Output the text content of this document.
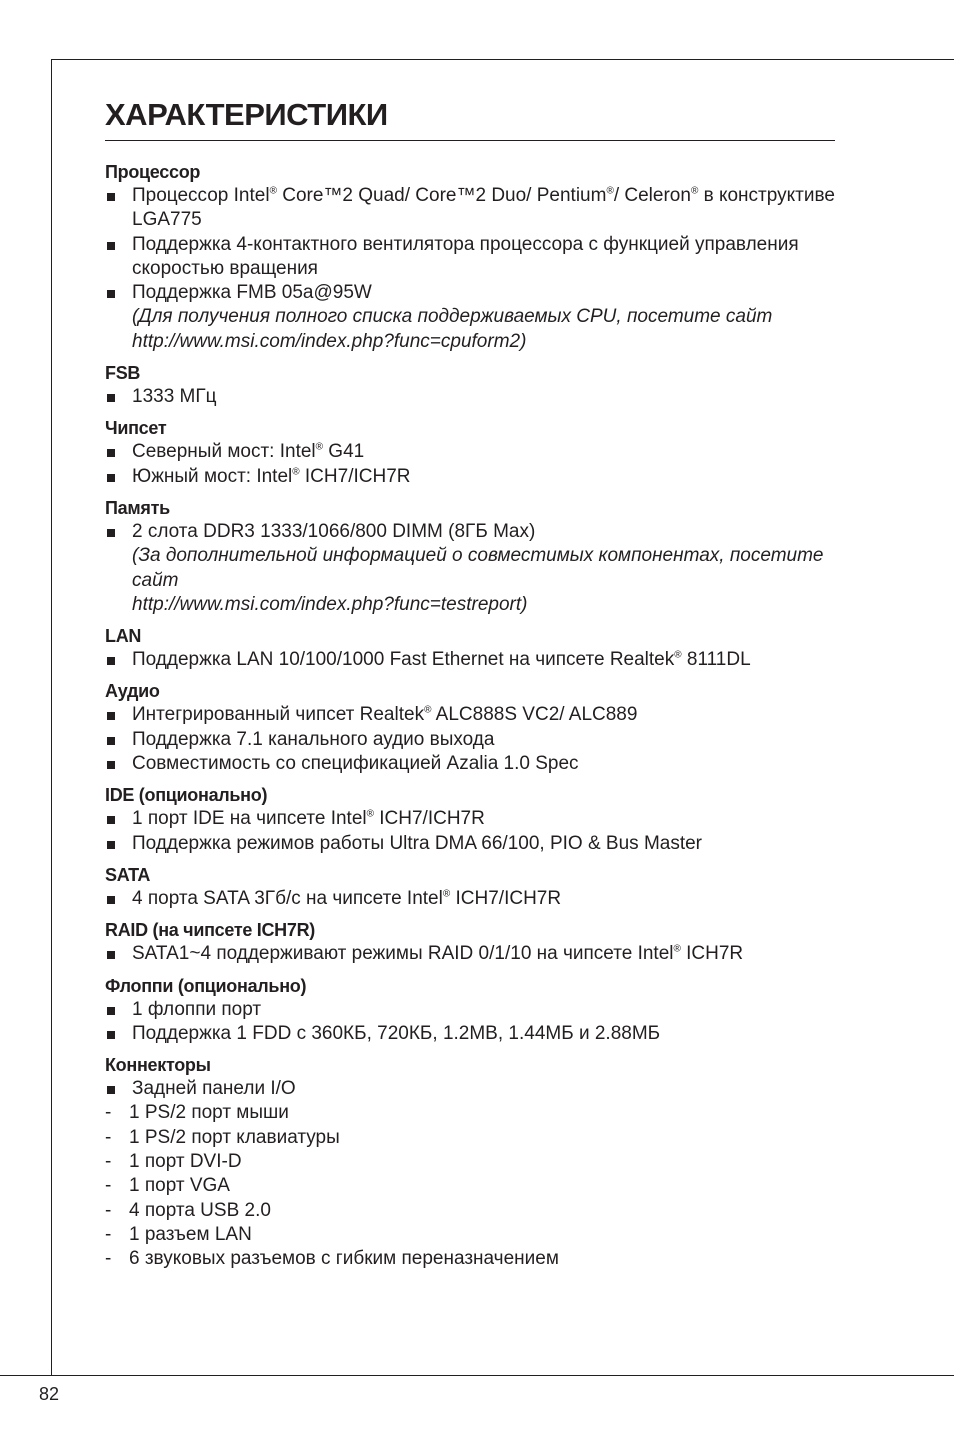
ХАРАКТЕРИСТИКИ
Процессор
Процессор Intel® Core™2 Quad/ Core™2 Duo/ Pentium®/ Celeron® в конструктиве LGA775
Поддержка 4-контактного вентилятора процессора с функцией управления скоростью вращения
Поддержка FMB 05a@95W
(Для получения полного списка поддерживаемых CPU, посетите сайт
http://www.msi.com/index.php?func=cpuform2)
FSB
1333 МГц
Чипсет
Северный мост: Intel® G41
Южный мост: Intel® ICH7/ICH7R
Память
2 слота DDR3 1333/1066/800 DIMM (8ГБ Max)
(За дополнительной информацией о совместимых компонентах, посетите сайт
http://www.msi.com/index.php?func=testreport)
LAN
Поддержка LAN 10/100/1000 Fast Ethernet на чипсете Realtek® 8111DL
Аудио
Интегрированный чипсет Realtek® ALC888S VC2/ ALC889
Поддержка 7.1 канального аудио выхода
Совместимость со спецификацией Azalia 1.0 Spec
IDE (опционально)
1 порт IDE на чипсете Intel® ICH7/ICH7R
Поддержка режимов работы Ultra DMA 66/100, PIO & Bus Master
SATA
4 порта SATA 3Гб/с на чипсете Intel® ICH7/ICH7R
RAID (на чипсете ICH7R)
SATA1~4 поддерживают режимы RAID 0/1/10 на чипсете Intel® ICH7R
Флоппи (опционально)
1 флоппи порт
Поддержка 1 FDD с 360КБ, 720КБ, 1.2МВ, 1.44МБ и 2.88МБ
Коннекторы
Задней панели I/O
- 1 PS/2 порт мыши
- 1 PS/2 порт клавиатуры
- 1 порт DVI-D
- 1 порт VGA
- 4 порта USB 2.0
- 1 разъем LAN
- 6 звуковых разъемов с гибким переназначением
82
